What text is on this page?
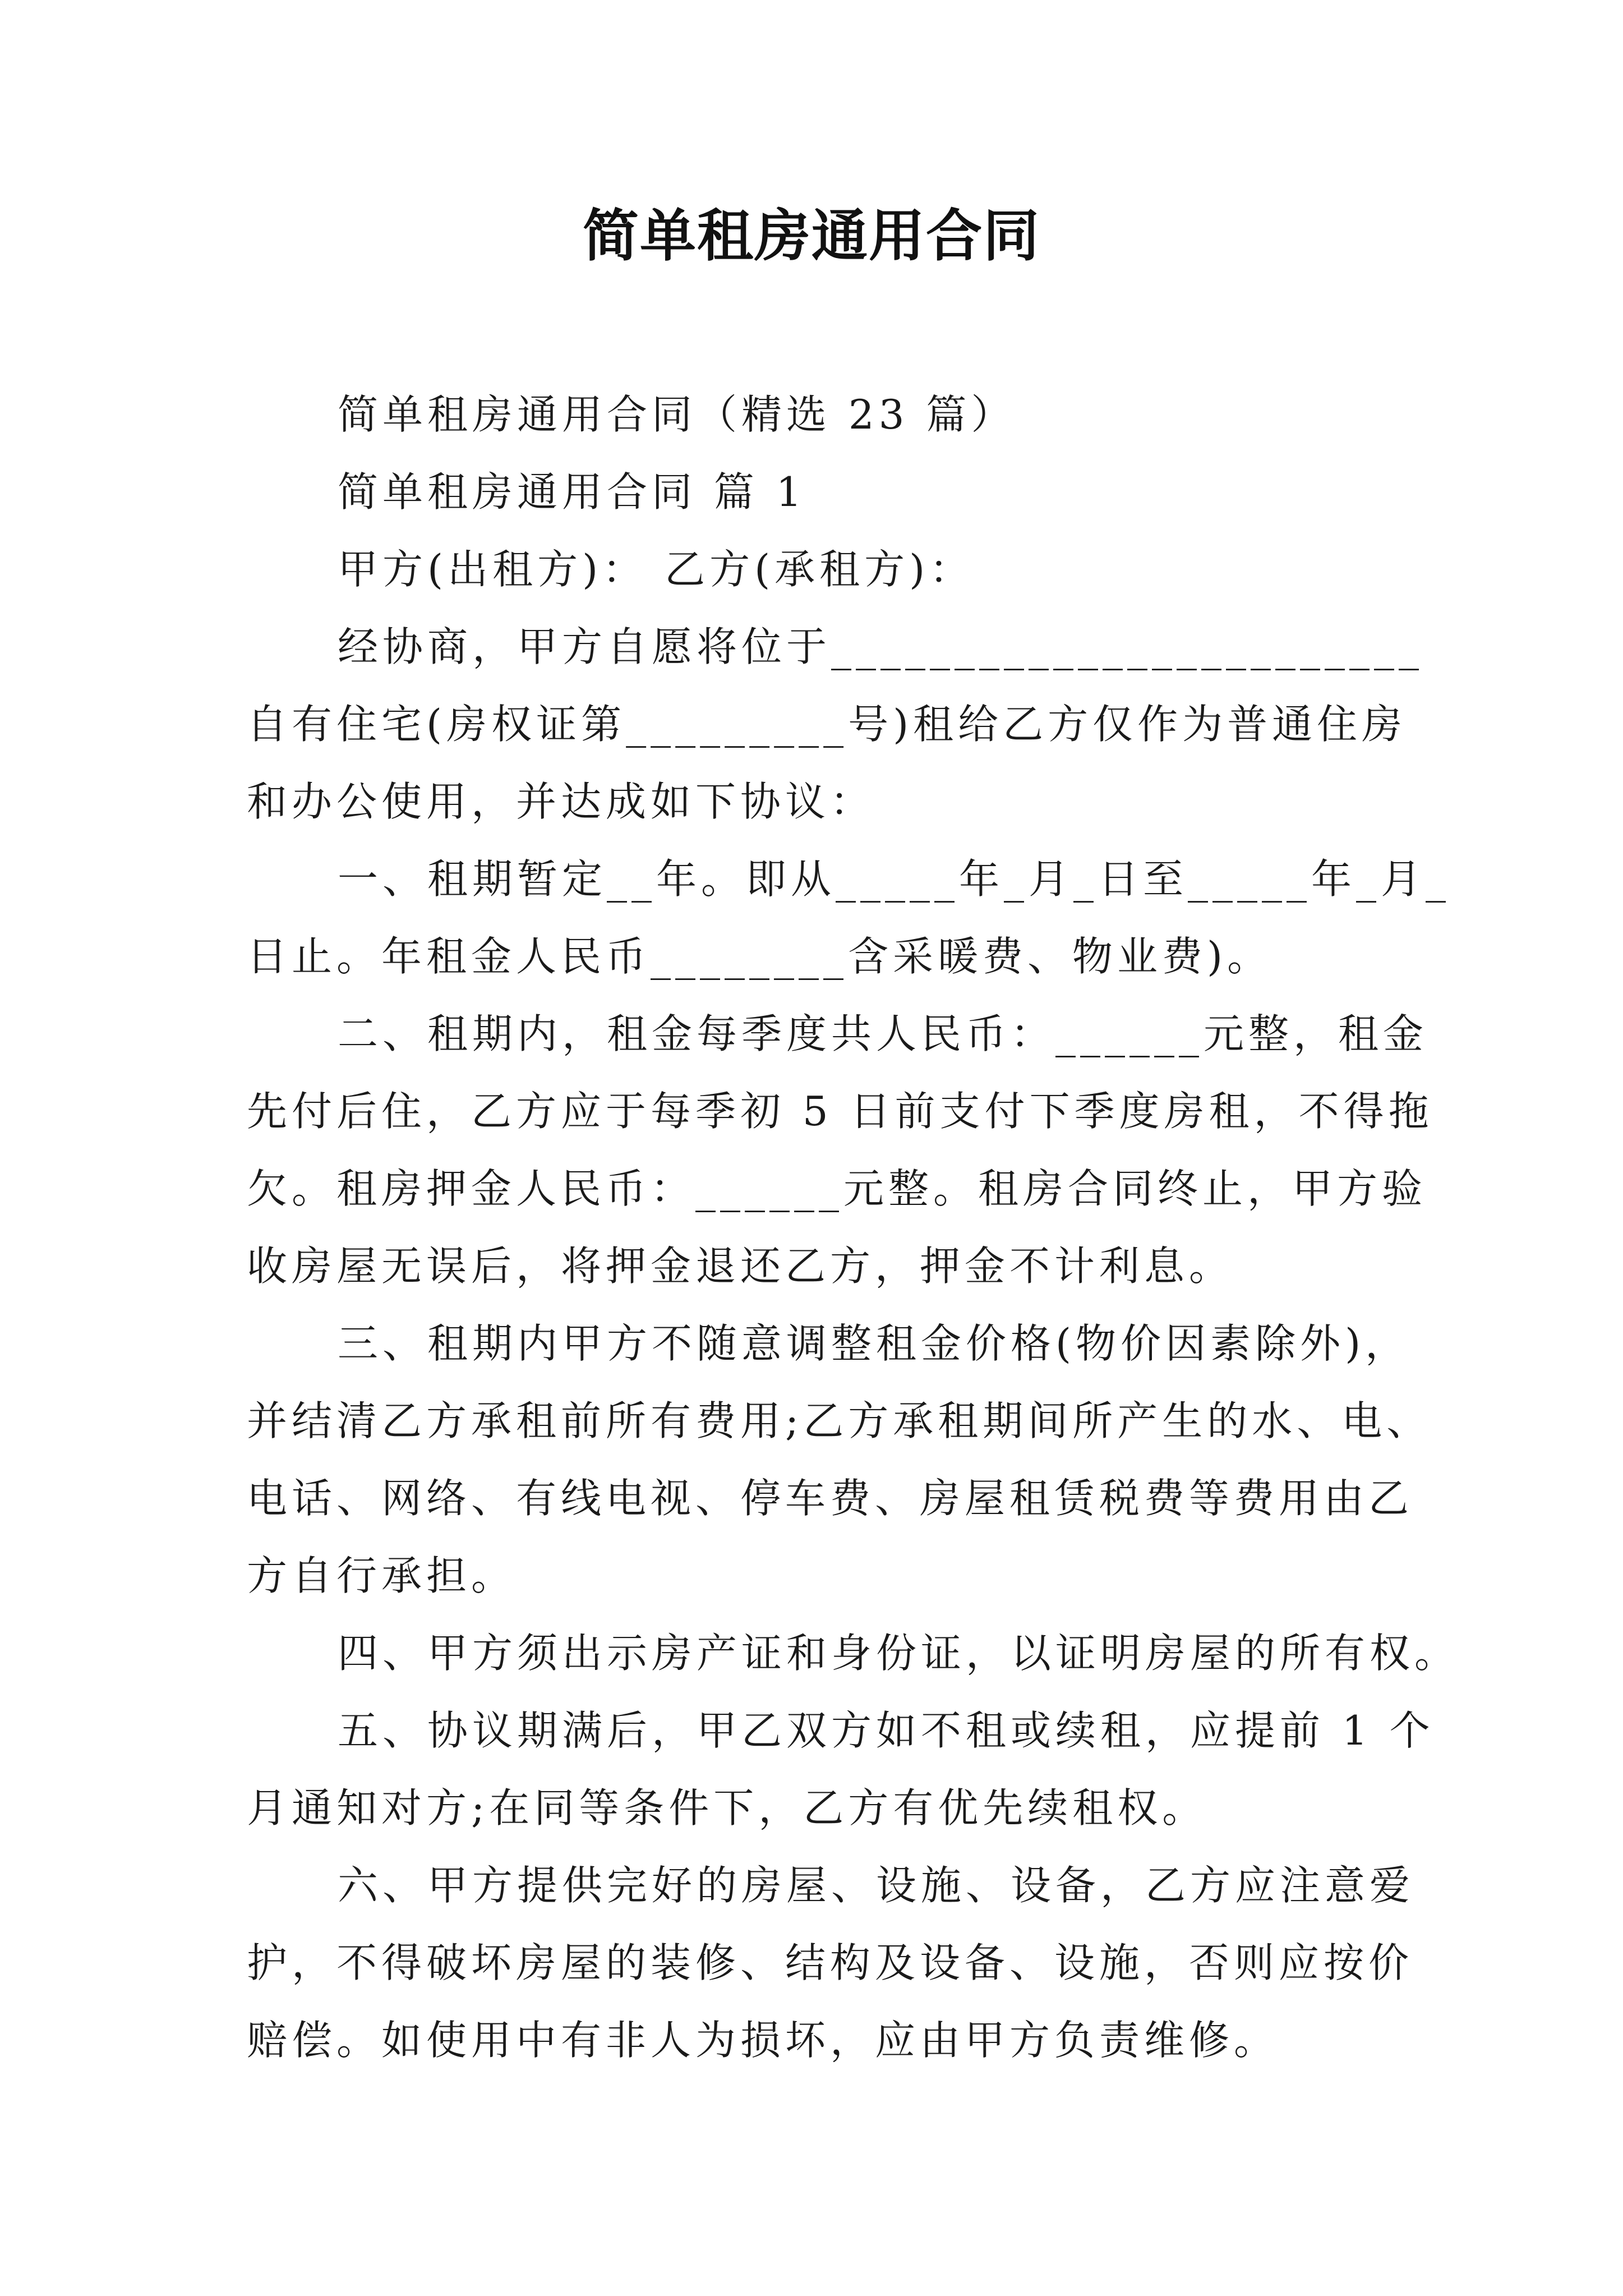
简单租房通用合同
简单租房通用合同（精选 23 篇）
简单租房通用合同 篇 1
甲方(出租方)： 乙方(承租方)：
经协商，甲方自愿将位于________________________
自有住宅(房权证第_________号)租给乙方仅作为普通住房
和办公使用，并达成如下协议：
一、租期暂定__年。即从_____年_月_日至_____年_月_
日止。年租金人民币________含采暖费、物业费)。
二、租期内，租金每季度共人民币：______元整，租金
先付后住，乙方应于每季初 5 日前支付下季度房租，不得拖
欠。租房押金人民币：______元整。租房合同终止，甲方验
收房屋无误后，将押金退还乙方，押金不计利息。
三、租期内甲方不随意调整租金价格(物价因素除外)，
并结清乙方承租前所有费用;乙方承租期间所产生的水、电、
电话、网络、有线电视、停车费、房屋租赁税费等费用由乙
方自行承担。
四、甲方须出示房产证和身份证，以证明房屋的所有权。
五、协议期满后，甲乙双方如不租或续租，应提前 1 个
月通知对方;在同等条件下，乙方有优先续租权。
六、甲方提供完好的房屋、设施、设备，乙方应注意爱
护，不得破坏房屋的装修、结构及设备、设施，否则应按价
赔偿。如使用中有非人为损坏，应由甲方负责维修。
